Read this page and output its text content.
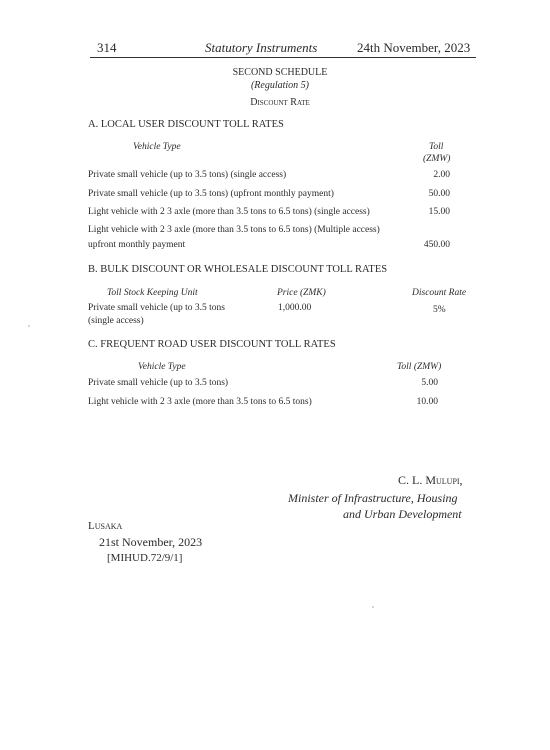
314	Statutory Instruments	24th November, 2023
SECOND SCHEDULE
(Regulation 5)
Discount Rate
A. LOCAL USER DISCOUNT TOLL RATES
Vehicle Type	Toll
(ZMW)
Private small vehicle (up to 3.5 tons) (single access)	2.00
Private small vehicle (up to 3.5 tons) (upfront monthly payment)	50.00
Light vehicle with 2 3 axle (more than 3.5 tons to 6.5 tons) (single access)	15.00
Light vehicle with 2 3 axle (more than 3.5 tons to 6.5 tons) (Multiple access)
upfront monthly payment	450.00
B. BULK DISCOUNT OR WHOLESALE DISCOUNT TOLL RATES
Toll Stock Keeping Unit	Price (ZMK)	Discount Rate
Private small vehicle (up to 3.5 tons
(single access)
1,000.00	5%
C. FREQUENT ROAD USER DISCOUNT TOLL RATES
Vehicle Type	Toll (ZMW)
Private small vehicle (up to 3.5 tons)	5.00
Light vehicle with 2 3 axle (more than 3.5 tons to 6.5 tons)	10.00
C. L. Mulupi,
Minister of Infrastructure, Housing
and Urban Development
Lusaka
21st November, 2023
[MIHUD.72/9/1]
